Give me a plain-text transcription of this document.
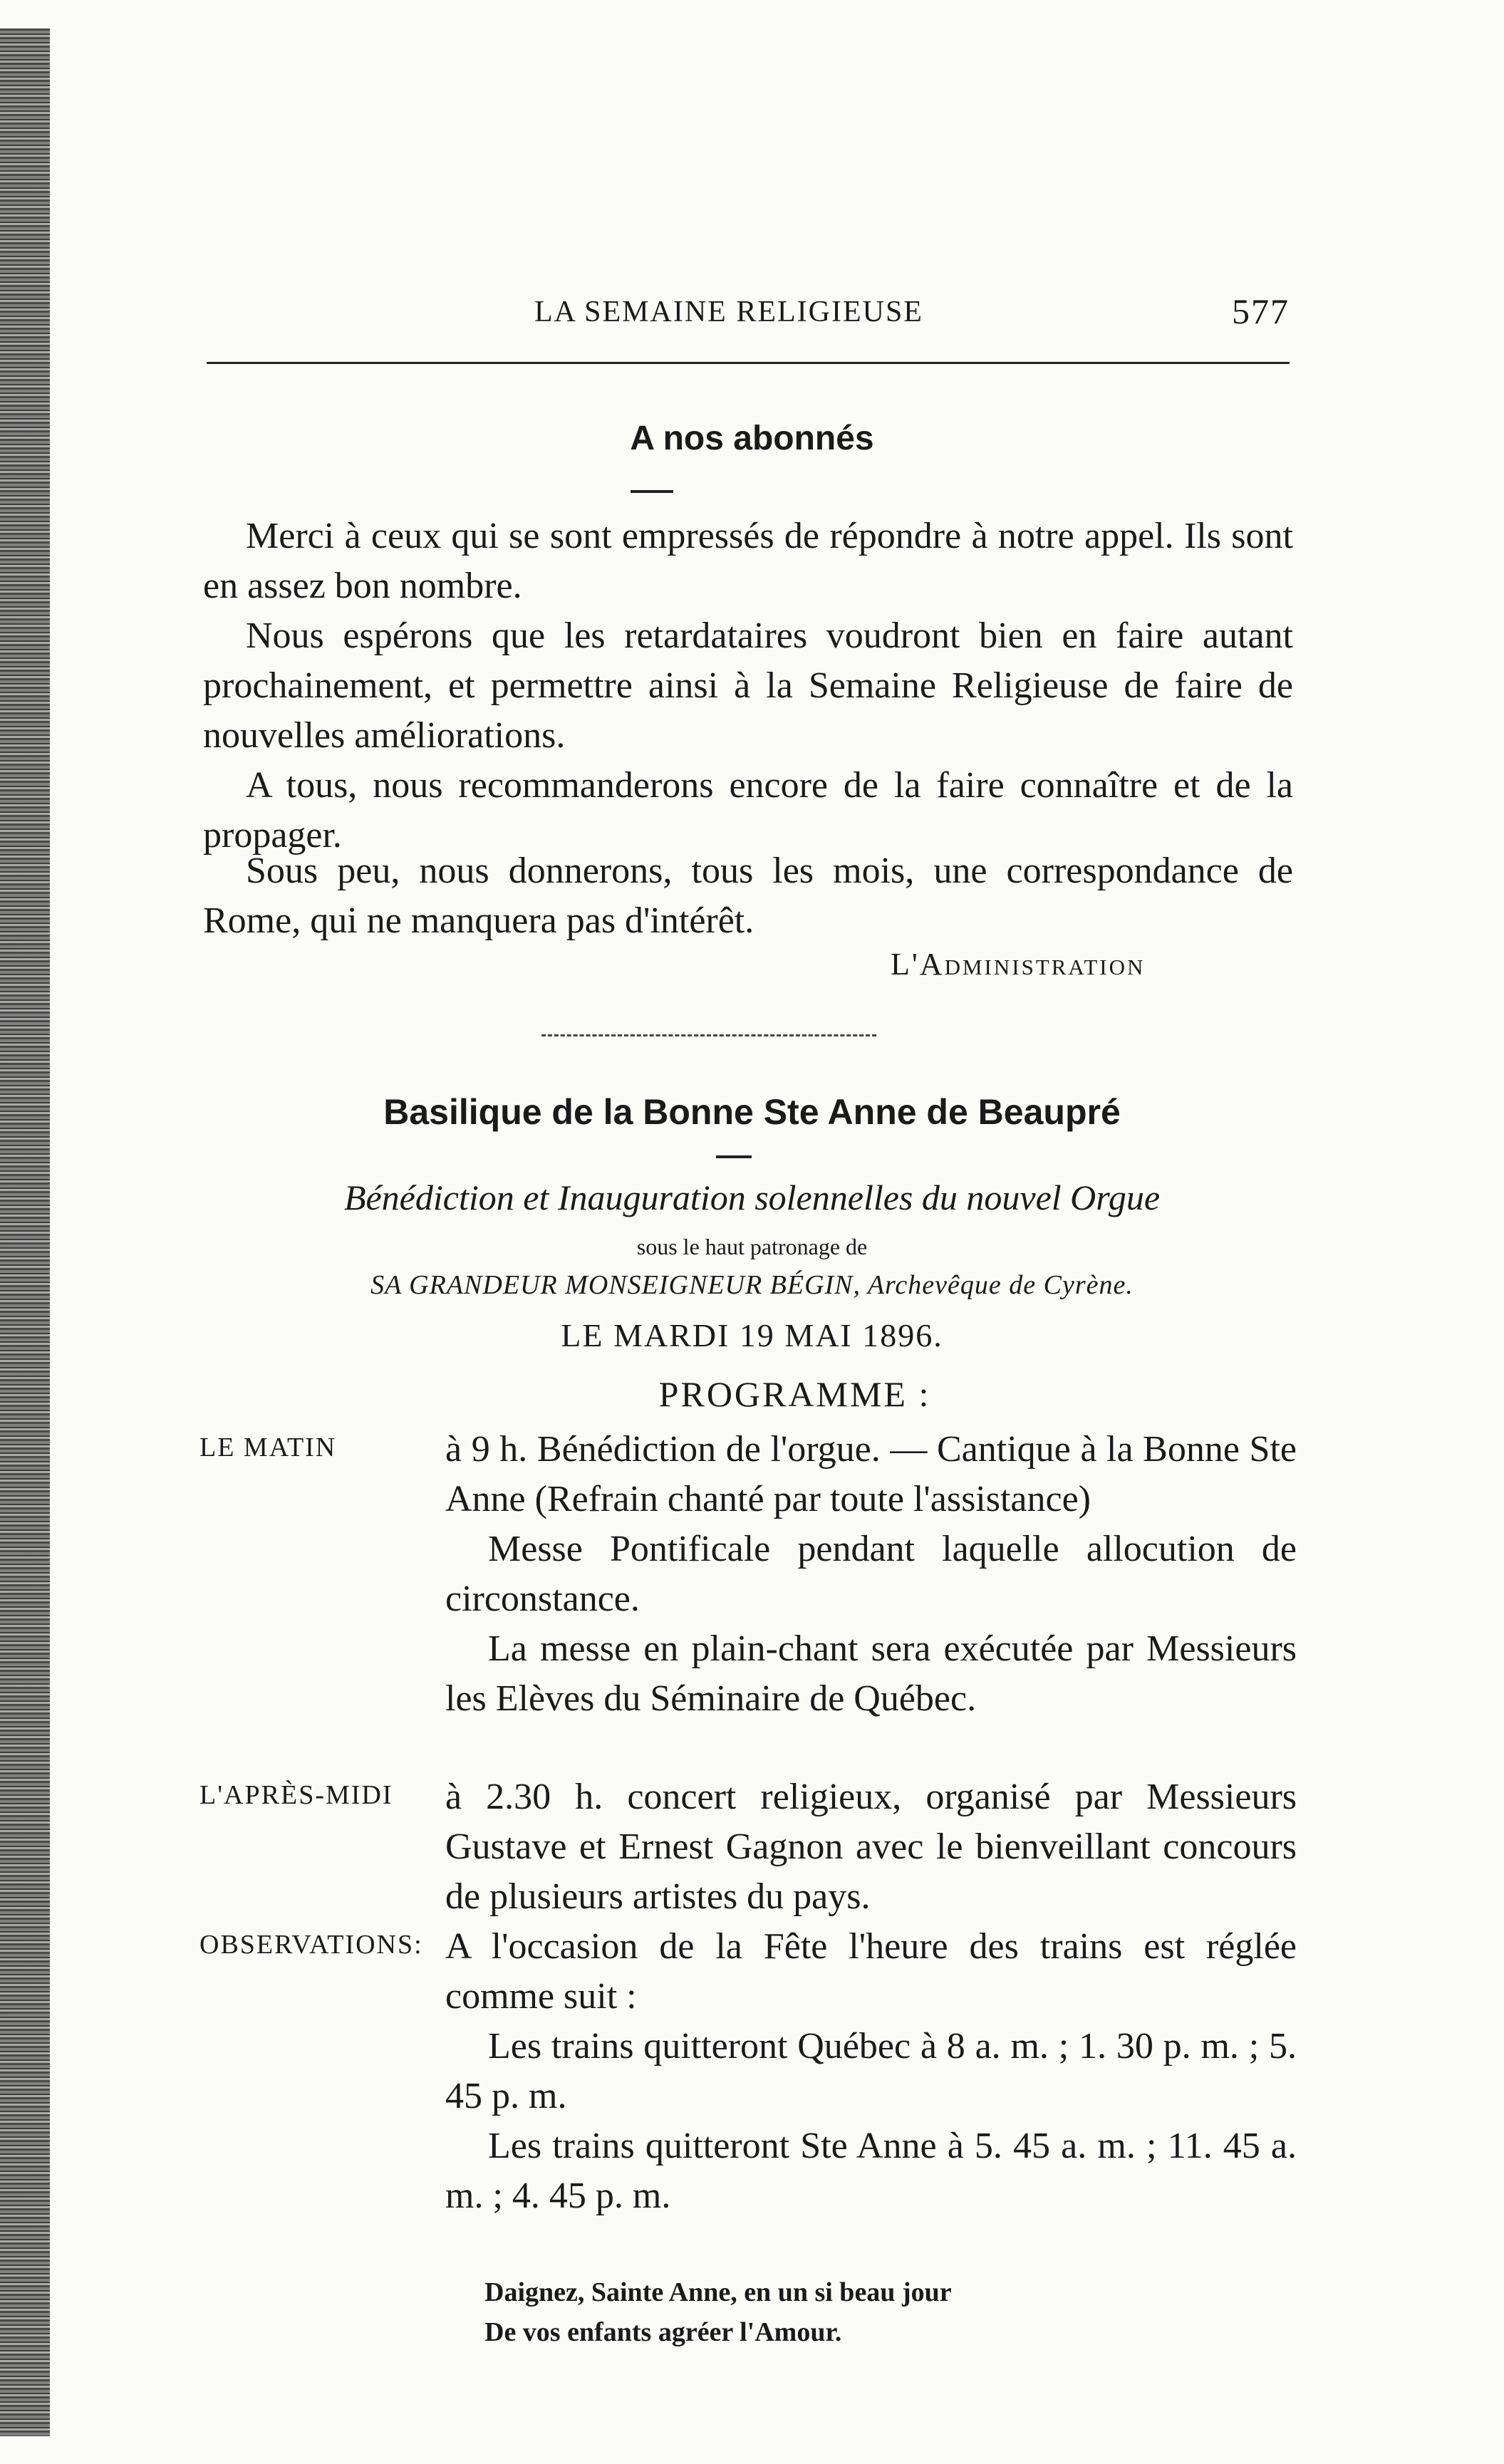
LA SEMAINE RELIGIEUSE	577
A nos abonnés
Merci à ceux qui se sont empressés de répondre à notre appel. Ils sont en assez bon nombre.
Nous espérons que les retardataires voudront bien en faire autant prochainement, et permettre ainsi à la Semaine Religieuse de faire de nouvelles améliorations.
A tous, nous recommanderons encore de la faire connaître et de la propager.
Sous peu, nous donnerons, tous les mois, une correspondance de Rome, qui ne manquera pas d'intérêt.
L'Administration
Basilique de la Bonne Ste Anne de Beaupré
Bénédiction et Inauguration solennelles du nouvel Orgue
sous le haut patronage de
SA GRANDEUR MONSEIGNEUR BÉGIN, Archevêque de Cyrène.
LE MARDI 19 MAI 1896.
PROGRAMME :
LE MATIN	à 9 h. Bénédiction de l'orgue. — Cantique à la Bonne Ste Anne (Refrain chanté par toute l'assistance)

Messe Pontificale pendant laquelle allocution de circonstance.

La messe en plain-chant sera exécutée par Messieurs les Elèves du Séminaire de Québec.

L'APRÈS-MIDI	à 2.30 h. concert religieux, organisé par Messieurs Gustave et Ernest Gagnon avec le bienveillant concours de plusieurs artistes du pays.

OBSERVATIONS: A l'occasion de la Fête l'heure des trains est réglée comme suit :

Les trains quitteront Québec à 8 a. m. ; 1. 30 p. m. ; 5. 45 p. m.

Les trains quitteront Ste Anne à 5. 45 a. m. ; 11. 45 a. m. ; 4. 45 p. m.

Daignez, Sainte Anne, en un si beau jour
De vos enfants agréer l'Amour.
